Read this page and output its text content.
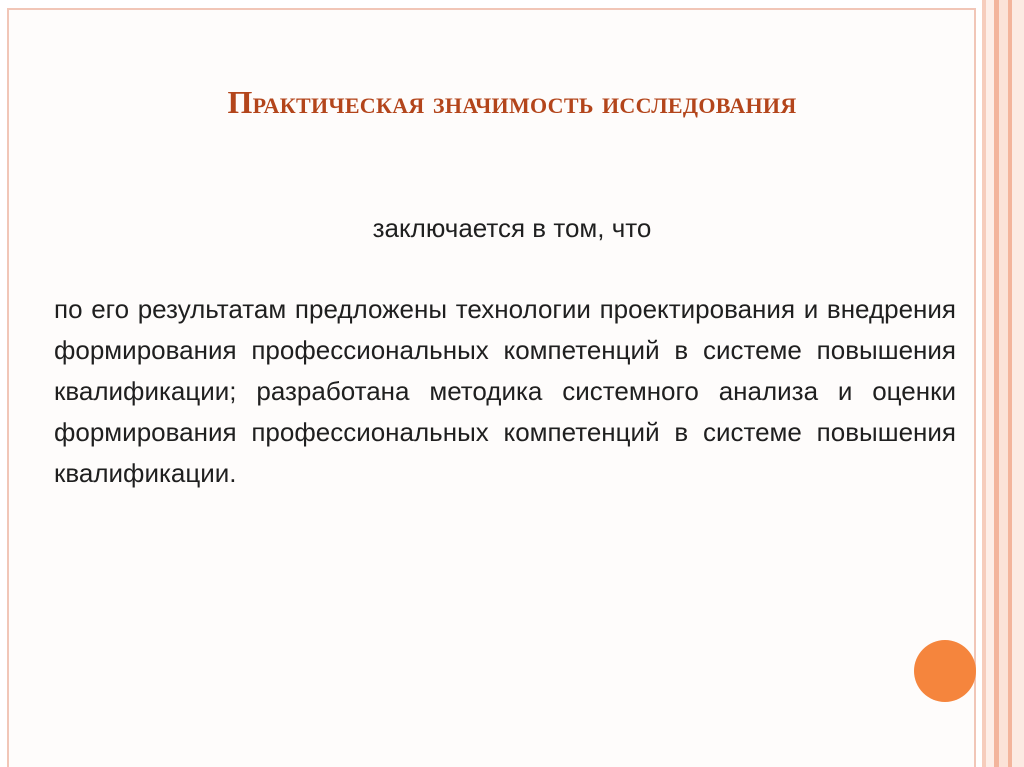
Практическая значимость исследования

заключается в том, что

по его результатам предложены технологии проектирования и внедрения формирования профессиональных компетенций в системе повышения квалификации; разработана методика системного анализа и оценки формирования профессиональных компетенций в системе повышения квалификации.
